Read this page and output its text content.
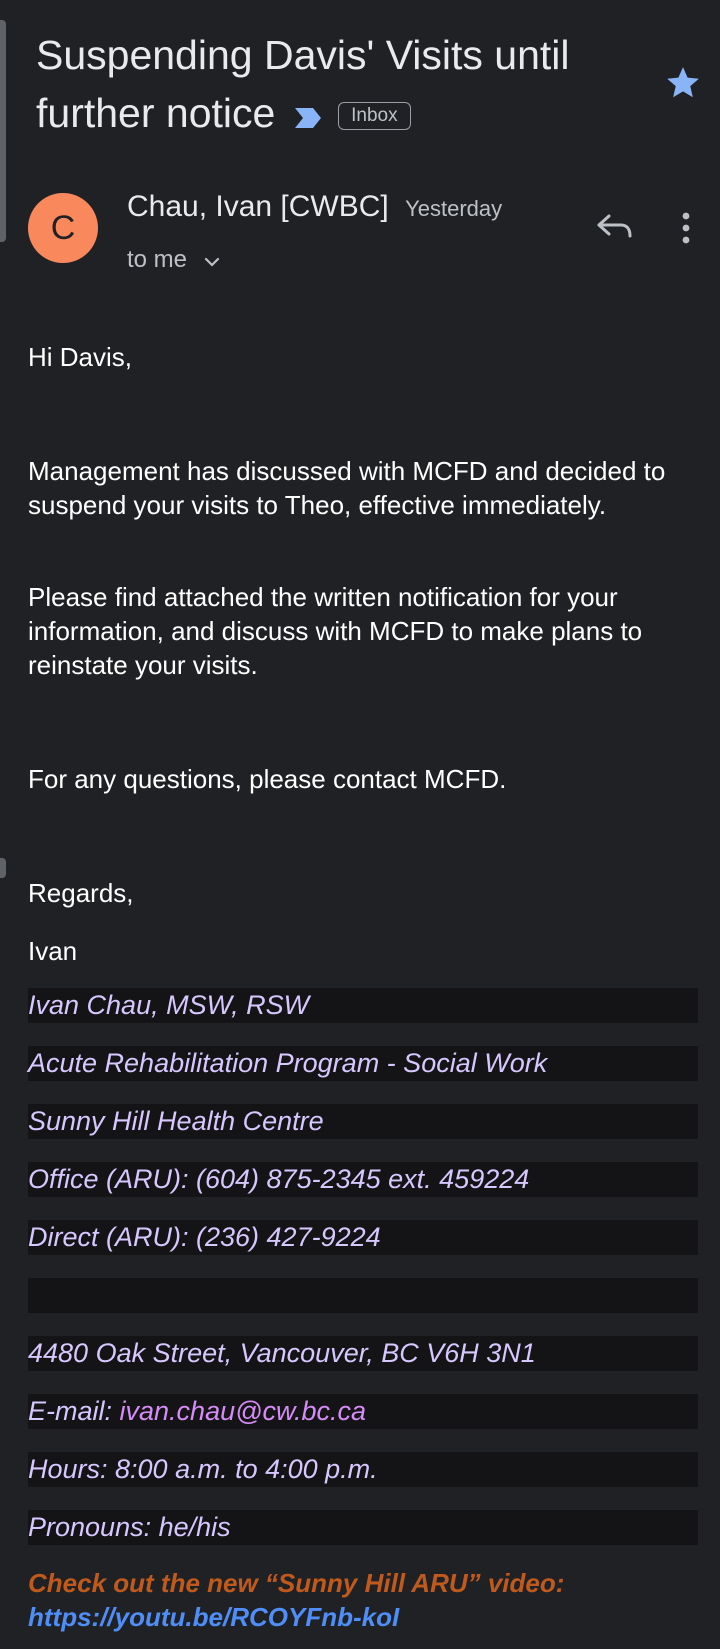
Suspending Davis' Visits until
further notice	Inbox
C
Chau, Ivan [CWBC] Yesterday
to me
Hi Davis,
Management has discussed with MCFD and decided to suspend your visits to Theo, effective immediately.
Please find attached the written notification for your information, and discuss with MCFD to make plans to reinstate your visits.
For any questions, please contact MCFD.
Regards,
Ivan
Ivan Chau, MSW, RSW
Acute Rehabilitation Program - Social Work
Sunny Hill Health Centre
Office (ARU): (604) 875-2345 ext. 459224
Direct (ARU): (236) 427-9224
4480 Oak Street, Vancouver, BC V6H 3N1
E-mail: ivan.chau@cw.bc.ca
Hours: 8:00 a.m. to 4:00 p.m.
Pronouns: he/his
Check out the new “Sunny Hill ARU” video:
https://youtu.be/RCOYFnb-koI
